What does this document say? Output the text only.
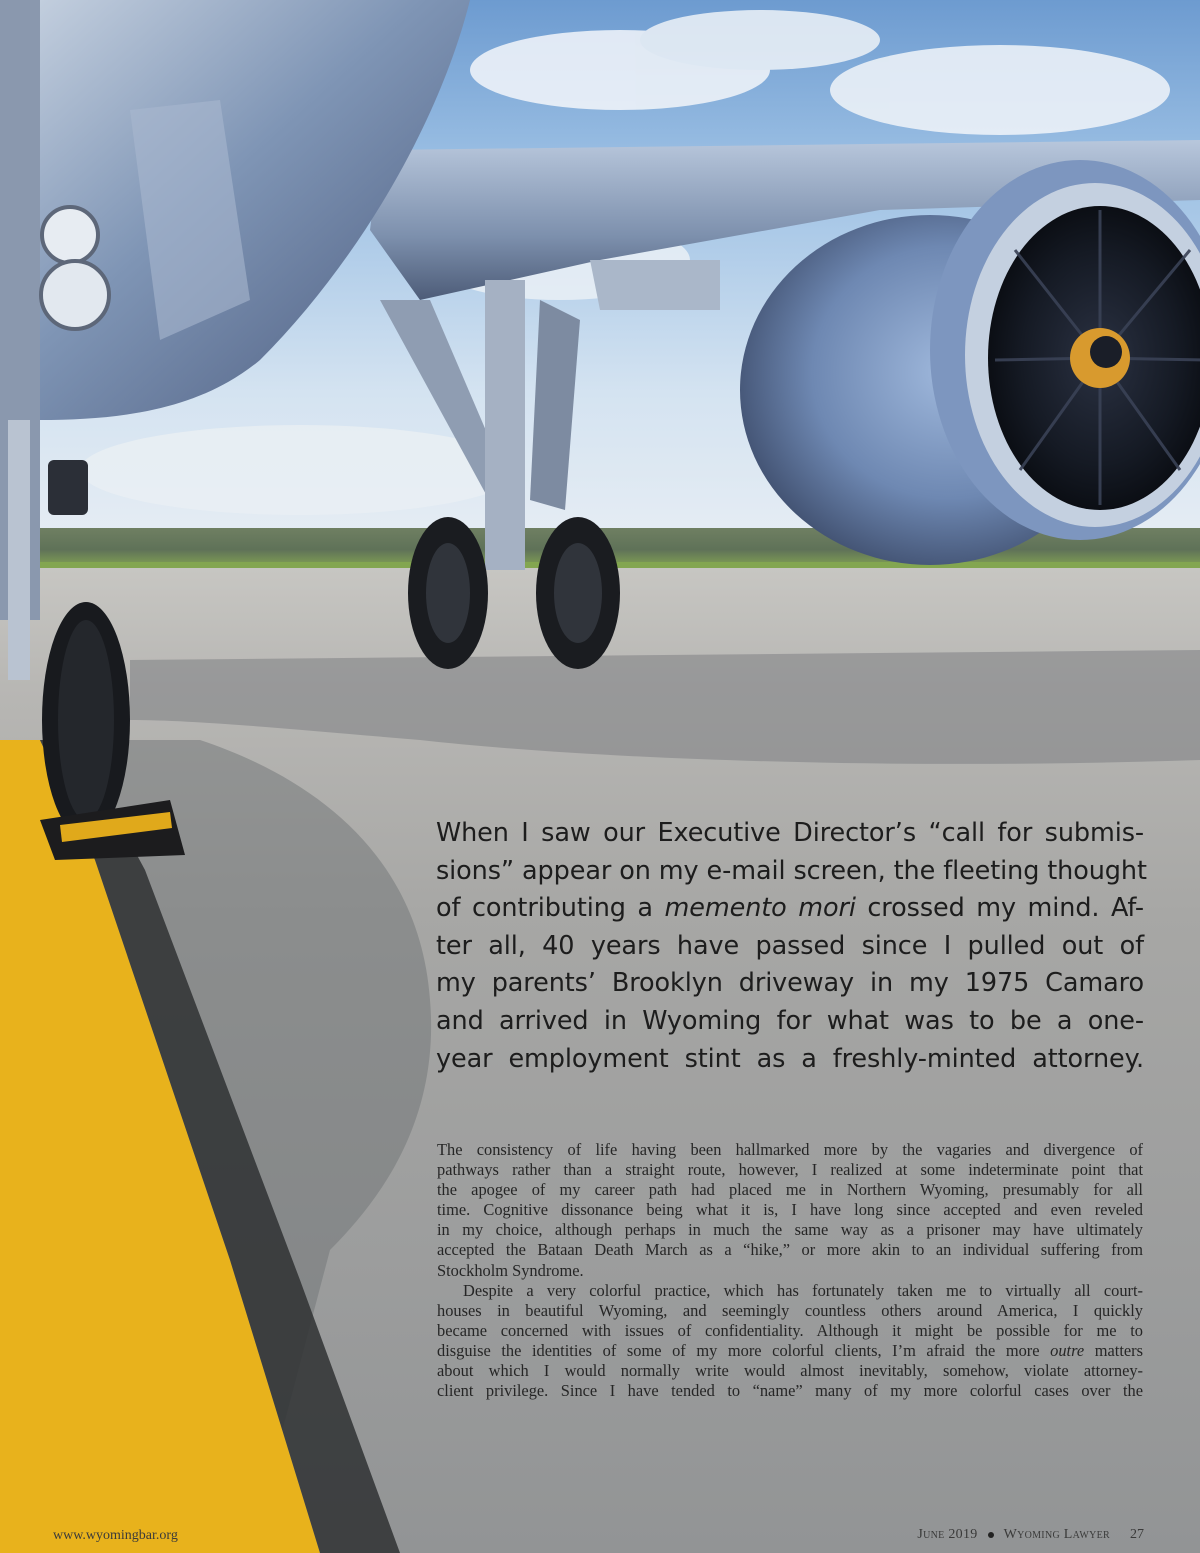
When I saw our Executive Director’s “call for submis-
sions” appear on my e-mail screen, the fleeting thought
of contributing a memento mori crossed my mind. Af-
ter all, 40 years have passed since I pulled out of
my parents’ Brooklyn driveway in my 1975 Camaro
and arrived in Wyoming for what was to be a one-
year employment stint as a freshly-minted attorney.
The consistency of life having been hallmarked more by the vagaries and divergence of
pathways rather than a straight route, however, I realized at some indeterminate point that
the apogee of my career path had placed me in Northern Wyoming, presumably for all
time. Cognitive dissonance being what it is, I have long since accepted and even reveled
in my choice, although perhaps in much the same way as a prisoner may have ultimately
accepted the Bataan Death March as a “hike,” or more akin to an individual suffering from
Stockholm Syndrome.
Despite a very colorful practice, which has fortunately taken me to virtually all court-
houses in beautiful Wyoming, and seemingly countless others around America, I quickly
became concerned with issues of confidentiality. Although it might be possible for me to
disguise the identities of some of my more colorful clients, I’m afraid the more outre matters
about which I would normally write would almost inevitably, somehow, violate attorney-
client privilege. Since I have tended to “name” many of my more colorful cases over the
www.wyomingbar.org	June 2019 Wyoming Lawyer 27
